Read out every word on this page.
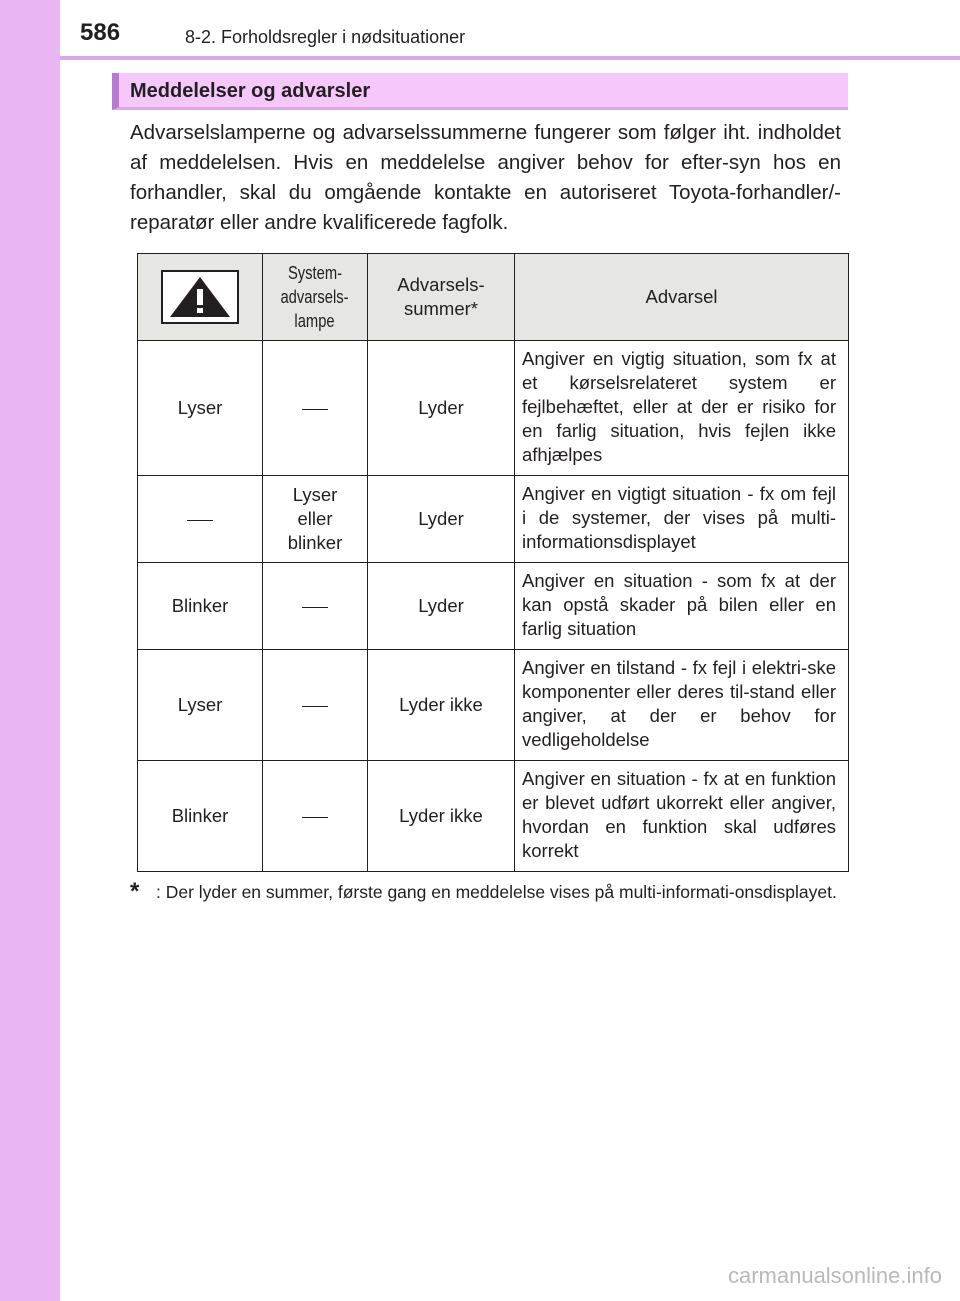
586	8-2. Forholdsregler i nødsituationer
Meddelelser og advarsler

Advarselslamperne og advarselssummerne fungerer som følger iht. indholdet af meddelelsen. Hvis en meddelelse angiver behov for efter-syn hos en forhandler, skal du omgående kontakte en autoriseret Toyota-forhandler/-reparatør eller andre kvalificerede fagfolk.

	System-
advarsels-
lampe	Advarsels-
summer*	Advarsel
Lyser		Lyder	Angiver en vigtig situation, som fx at et kørselsrelateret system er fejlbehæftet, eller at der er risiko for en farlig situation, hvis fejlen ikke afhjælpes
	Lyser
eller
blinker	Lyder	Angiver en vigtigt situation - fx om fejl i de systemer, der vises på multi-informationsdisplayet
Blinker		Lyder	Angiver en situation - som fx at der kan opstå skader på bilen eller en farlig situation
Lyser		Lyder ikke	Angiver en tilstand - fx fejl i elektri-ske komponenter eller deres til-stand eller angiver, at der er behov for vedligeholdelse
Blinker		Lyder ikke	Angiver en situation - fx at en funktion er blevet udført ukorrekt eller angiver, hvordan en funktion skal udføres korrekt

* : Der lyder en summer, første gang en meddelelse vises på multi-informati-onsdisplayet.

carmanualsonline.info
